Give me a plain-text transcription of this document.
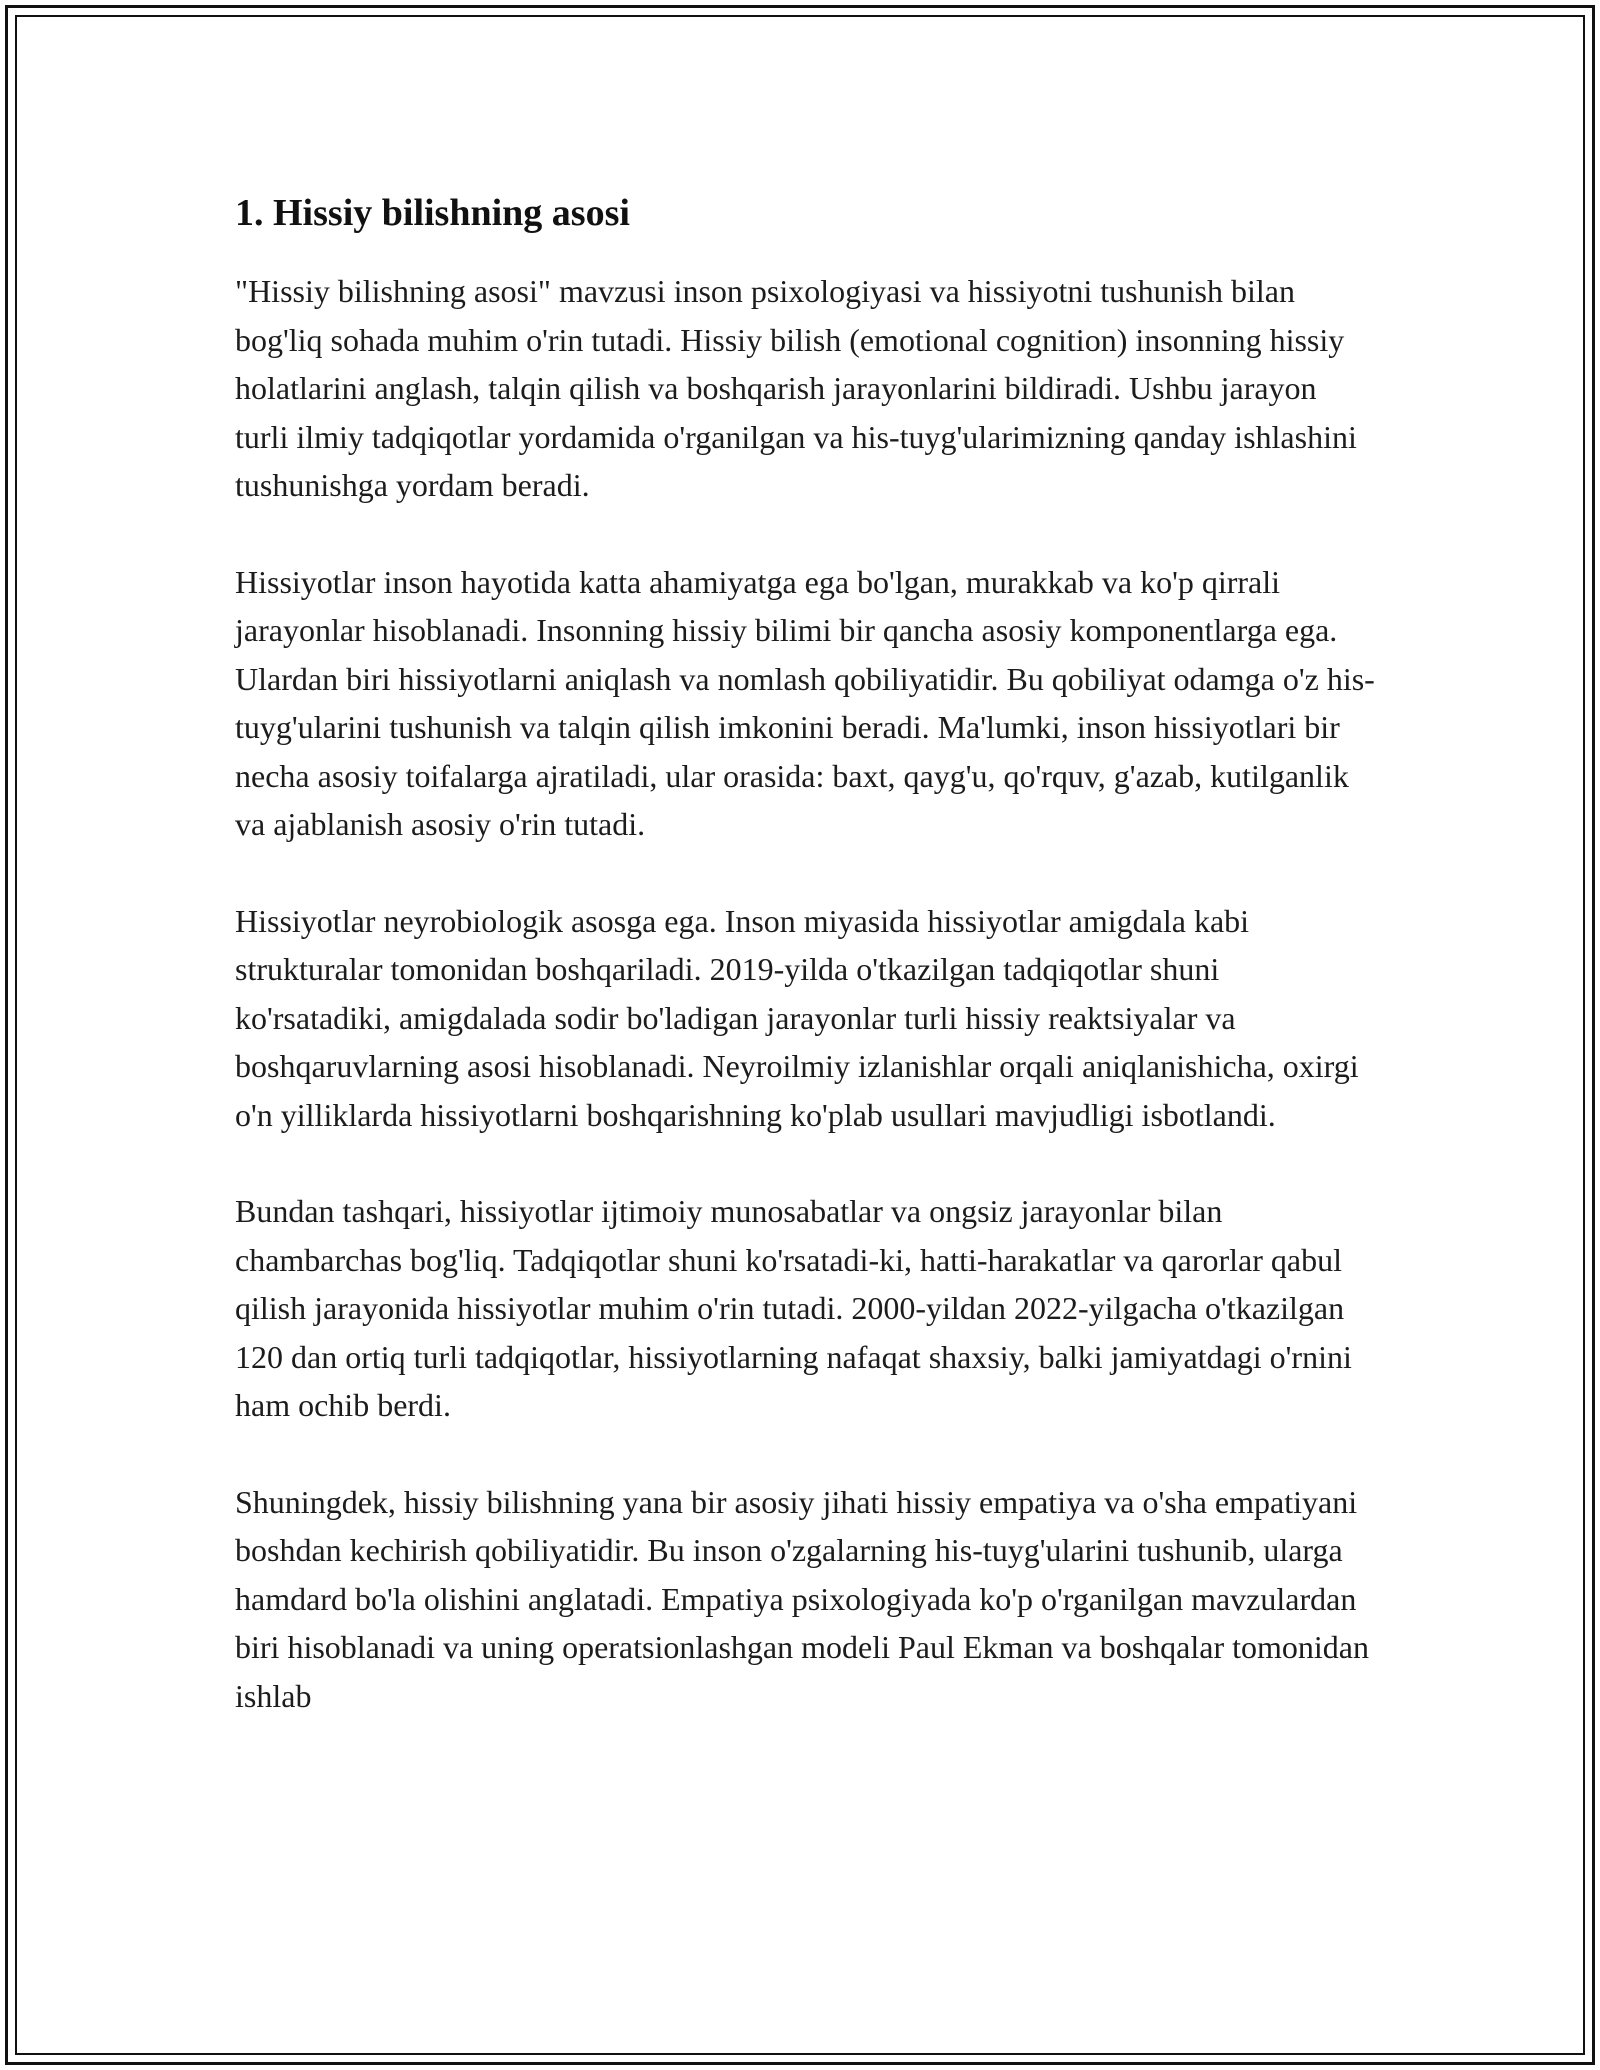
1. Hissiy bilishning asosi

"Hissiy bilishning asosi" mavzusi inson psixologiyasi va hissiyotni tushunish bilan bog'liq sohada muhim o'rin tutadi. Hissiy bilish (emotional cognition) insonning hissiy holatlarini anglash, talqin qilish va boshqarish jarayonlarini bildiradi. Ushbu jarayon turli ilmiy tadqiqotlar yordamida o'rganilgan va his-tuyg'ularimizning qanday ishlashini tushunishga yordam beradi.

Hissiyotlar inson hayotida katta ahamiyatga ega bo'lgan, murakkab va ko'p qirrali jarayonlar hisoblanadi. Insonning hissiy bilimi bir qancha asosiy komponentlarga ega. Ulardan biri hissiyotlarni aniqlash va nomlash qobiliyatidir. Bu qobiliyat odamga o'z his-tuyg'ularini tushunish va talqin qilish imkonini beradi. Ma'lumki, inson hissiyotlari bir necha asosiy toifalarga ajratiladi, ular orasida: baxt, qayg'u, qo'rquv, g'azab, kutilganlik va ajablanish asosiy o'rin tutadi.

Hissiyotlar neyrobiologik asosga ega. Inson miyasida hissiyotlar amigdala kabi strukturalar tomonidan boshqariladi. 2019-yilda o'tkazilgan tadqiqotlar shuni ko'rsatadiki, amigdalada sodir bo'ladigan jarayonlar turli hissiy reaktsiyalar va boshqaruvlarning asosi hisoblanadi. Neyroilmiy izlanishlar orqali aniqlanishicha, oxirgi o'n yilliklarda hissiyotlarni boshqarishning ko'plab usullari mavjudligi isbotlandi.

Bundan tashqari, hissiyotlar ijtimoiy munosabatlar va ongsiz jarayonlar bilan chambarchas bog'liq. Tadqiqotlar shuni ko'rsatadi-ki, hatti-harakatlar va qarorlar qabul qilish jarayonida hissiyotlar muhim o'rin tutadi. 2000-yildan 2022-yilgacha o'tkazilgan 120 dan ortiq turli tadqiqotlar, hissiyotlarning nafaqat shaxsiy, balki jamiyatdagi o'rnini ham ochib berdi.

Shuningdek, hissiy bilishning yana bir asosiy jihati hissiy empatiya va o'sha empatiyani boshdan kechirish qobiliyatidir. Bu inson o'zgalarning his-tuyg'ularini tushunib, ularga hamdard bo'la olishini anglatadi. Empatiya psixologiyada ko'p o'rganilgan mavzulardan biri hisoblanadi va uning operatsionlashgan modeli Paul Ekman va boshqalar tomonidan ishlab
